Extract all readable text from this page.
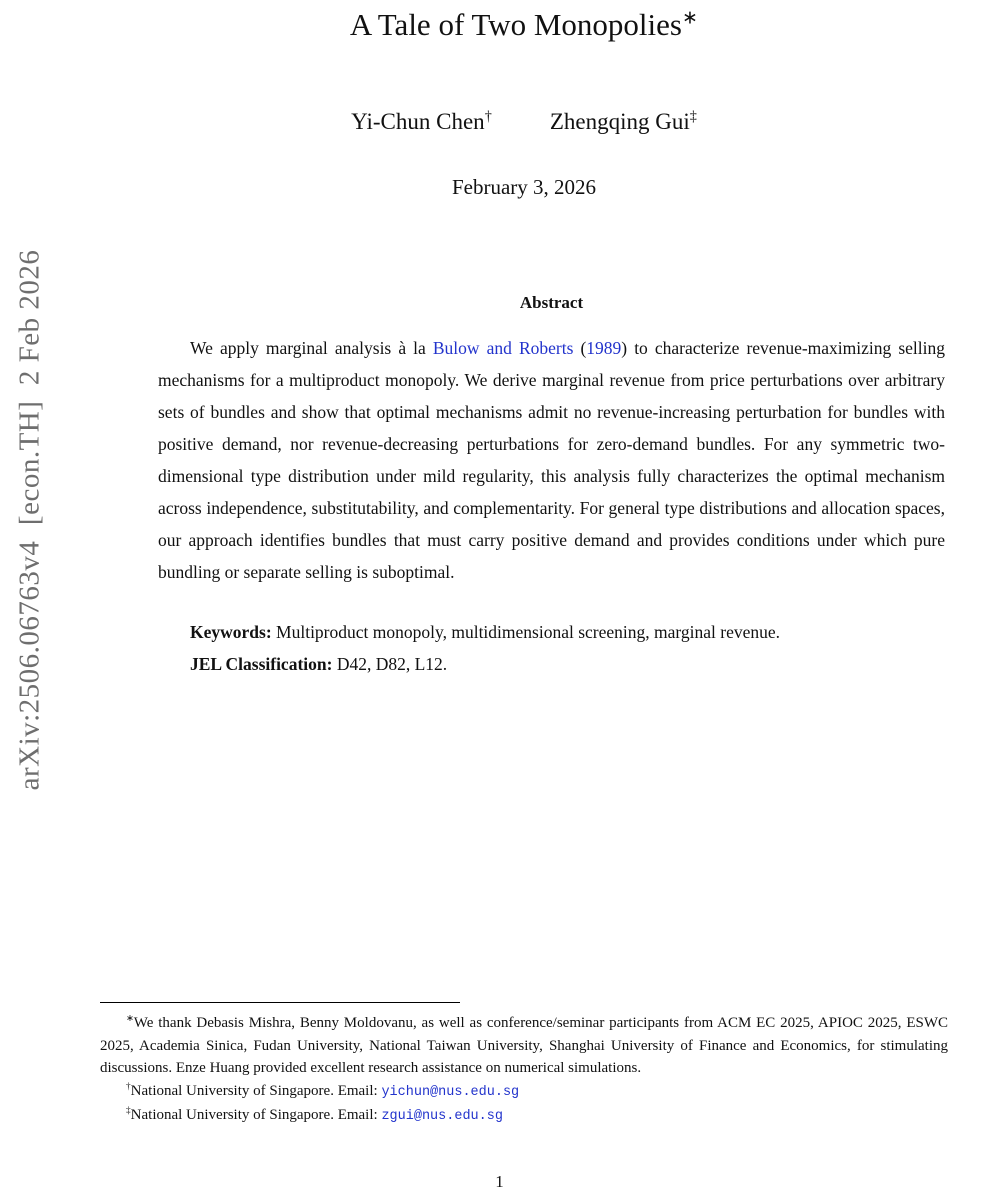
arXiv:2506.06763v4  [econ.TH]  2 Feb 2026
A Tale of Two Monopolies∗
Yi-Chun Chen†	Zhengqing Gui‡
February 3, 2026
Abstract

We apply marginal analysis à la Bulow and Roberts (1989) to characterize revenue-maximizing selling mechanisms for a multiproduct monopoly. We derive marginal revenue from price perturbations over arbitrary sets of bundles and show that optimal mechanisms admit no revenue-increasing perturbation for bundles with positive demand, nor revenue-decreasing perturbations for zero-demand bundles. For any symmetric two-dimensional type distribution under mild regularity, this analysis fully characterizes the optimal mechanism across independence, substitutability, and complementarity. For general type distributions and allocation spaces, our approach identifies bundles that must carry positive demand and provides conditions under which pure bundling or separate selling is suboptimal.

Keywords: Multiproduct monopoly, multidimensional screening, marginal revenue.

JEL Classification: D42, D82, L12.

∗We thank Debasis Mishra, Benny Moldovanu, as well as conference/seminar participants from ACM EC 2025, APIOC 2025, ESWC 2025, Academia Sinica, Fudan University, National Taiwan University, Shanghai University of Finance and Economics, for stimulating discussions. Enze Huang provided excellent research assistance on numerical simulations.

†National University of Singapore. Email: yichun@nus.edu.sg

‡National University of Singapore. Email: zgui@nus.edu.sg

1
